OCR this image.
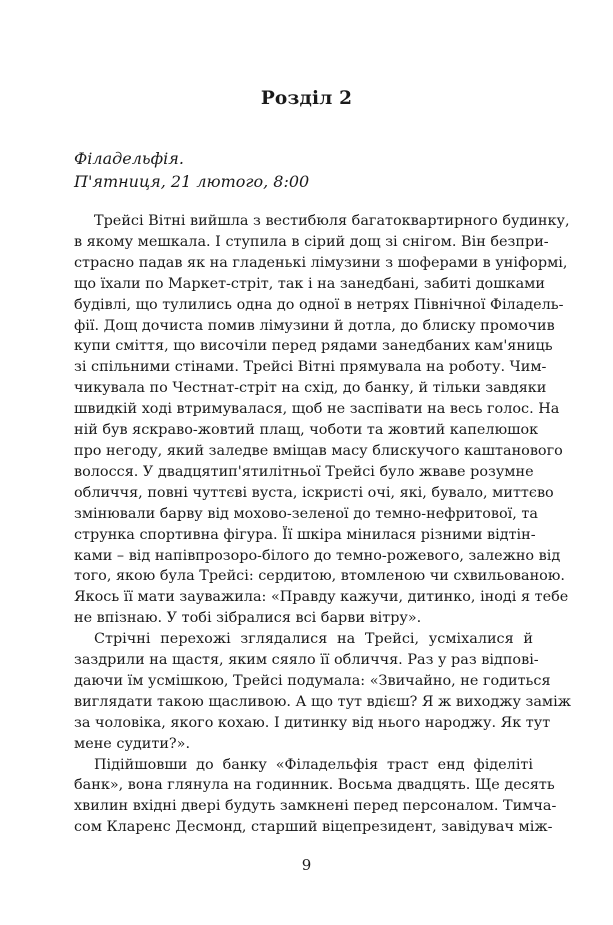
Розділ 2
Філадельфія.
П'ятниця, 21 лютого, 8:00
Трейсі Вітні вийшла з вестибюля багатоквартирного будинку,
в якому мешкала. І ступила в сірий дощ зі снігом. Він безпри-
страсно падав як на гладенькі лімузини з шоферами в уніформі,
що їхали по Маркет-стріт, так і на занедбані, забиті дошками
будівлі, що тулились одна до одної в нетрях Північної Філадель-
фії. Дощ дочиста помив лімузини й дотла, до блиску промочив
купи сміття, що височіли перед рядами занедбаних кам'яниць
зі спільними стінами. Трейсі Вітні прямувала на роботу. Чим-
чикувала по Честнат-стріт на схід, до банку, й тільки завдяки
швидкій ході втримувалася, щоб не заспівати на весь голос. На
ній був яскраво-жовтий плащ, чоботи та жовтий капелюшок
про негоду, який заледве вміщав масу блискучого каштанового
волосся. У двадцятип'ятилітньої Трейсі було жваве розумне
обличчя, повні чуттєві вуста, іскристі очі, які, бувало, миттєво
змінювали барву від мохово-зеленої до темно-нефритової, та
струнка спортивна фігура. Її шкіра мінилася різними відтін-
ками – від напівпрозоро-білого до темно-рожевого, залежно від
того, якою була Трейсі: сердитою, втомленою чи схвильованою.
Якось її мати зауважила: «Правду кажучи, дитинко, іноді я тебе
не впізнаю. У тобі зібралися всі барви вітру».
Стрічні перехожі зглядалися на Трейсі, усміхалися й
заздрили на щастя, яким сяяло її обличчя. Раз у раз відпові-
даючи їм усмішкою, Трейсі подумала: «Звичайно, не годиться
виглядати такою щасливою. А що тут вдієш? Я ж виходжу заміж
за чоловіка, якого кохаю. І дитинку від нього народжу. Як тут
мене судити?».
Підійшовши до банку «Філадельфія траст енд фіделіті
банк», вона глянула на годинник. Восьма двадцять. Ще десять
хвилин вхідні двері будуть замкнені перед персоналом. Тимча-
сом Кларенс Десмонд, старший віцепрезидент, завідувач між-
9
